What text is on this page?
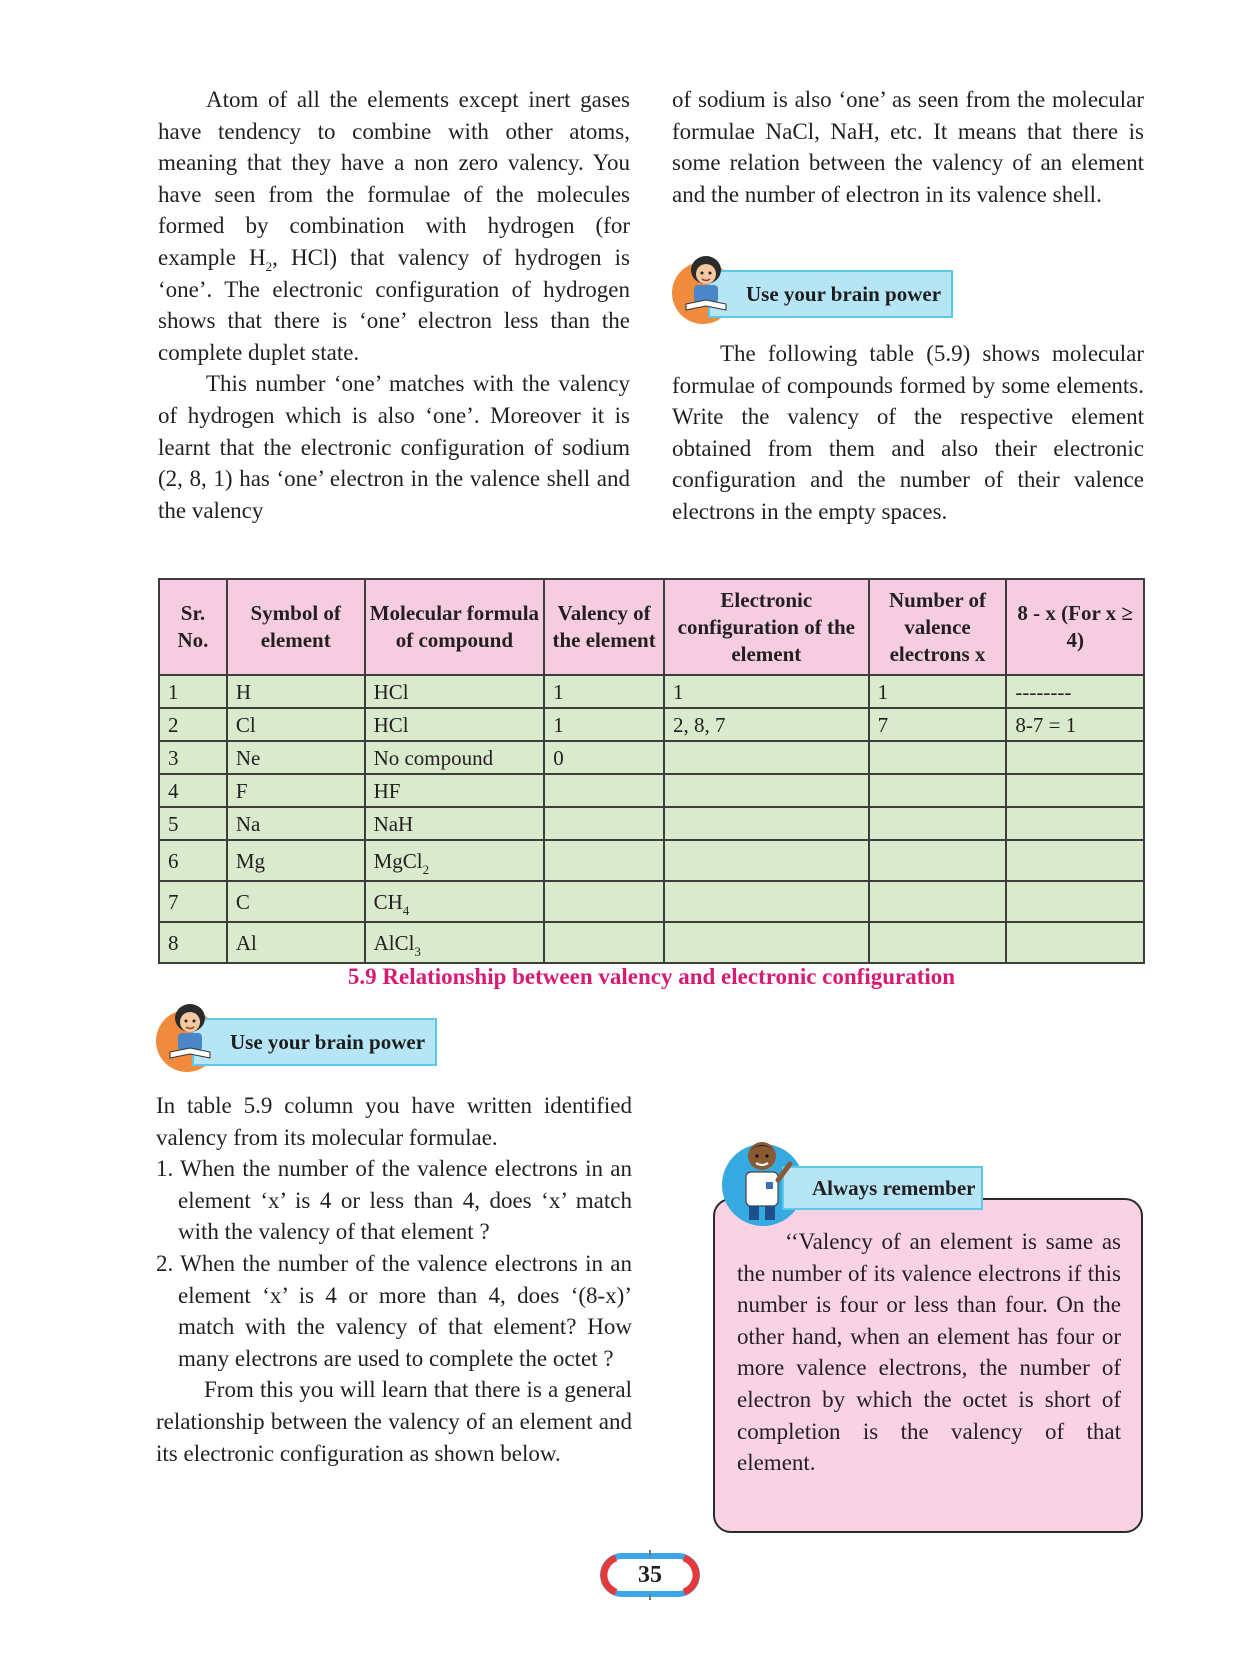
Atom of all the elements except inert gases have tendency to combine with other atoms, meaning that they have a non zero valency. You have seen from the formulae of the molecules formed by combination with hydrogen (for example $H_2$, HCl) that valency of hydrogen is ‘one’. The electronic configuration of hydrogen shows that there is ‘one’ electron less than the complete duplet state.

This number ‘one’ matches with the valency of hydrogen which is also ‘one’. Moreover it is learnt that the electronic configuration of sodium (2, 8, 1) has ‘one’ electron in the valence shell and the valency

of sodium is also ‘one’ as seen from the molecular formulae NaCl, NaH, etc. It means that there is some relation between the valency of an element and the number of electron in its valence shell.

Use your brain power

The following table (5.9) shows molecular formulae of compounds formed by some elements. Write the valency of the respective element obtained from them and also their electronic configuration and the number of their valence electrons in the empty spaces.

Sr. No.	Symbol of element	Molecular formula of compound	Valency of the element	Electronic configuration of the element	Number of valence electrons x	8 - x (For x ≥ 4)
1	H	HCl	1	1	1	--------
2	Cl	HCl	1	2, 8, 7	7	8-7 = 1
3	Ne	No compound	0			
4	F	HF				
5	Na	NaH				
6	Mg	MgCl$_2$				
7	C	$CH_4$				
8	Al	AlCl$_3$				
5.9 Relationship between valency and electronic configuration
Use your brain power

In table 5.9 column you have written identified valency from its molecular formulae.

1. When the number of the valence electrons in an element ‘x’ is 4 or less than 4, does ‘x’ match with the valency of that element ?

2. When the number of the valence electrons in an element ‘x’ is 4 or more than 4, does ‘(8-x)’ match with the valency of that element? How many electrons are used to complete the octet ?

From this you will learn that there is a general relationship between the valency of an element and its electronic configuration as shown below.

‘‘Valency of an element is same as the number of its valence electrons if this number is four or less than four. On the other hand, when an element has four or more valence electrons, the number of electron by which the octet is short of completion is the valency of that element.

Always remember
35
